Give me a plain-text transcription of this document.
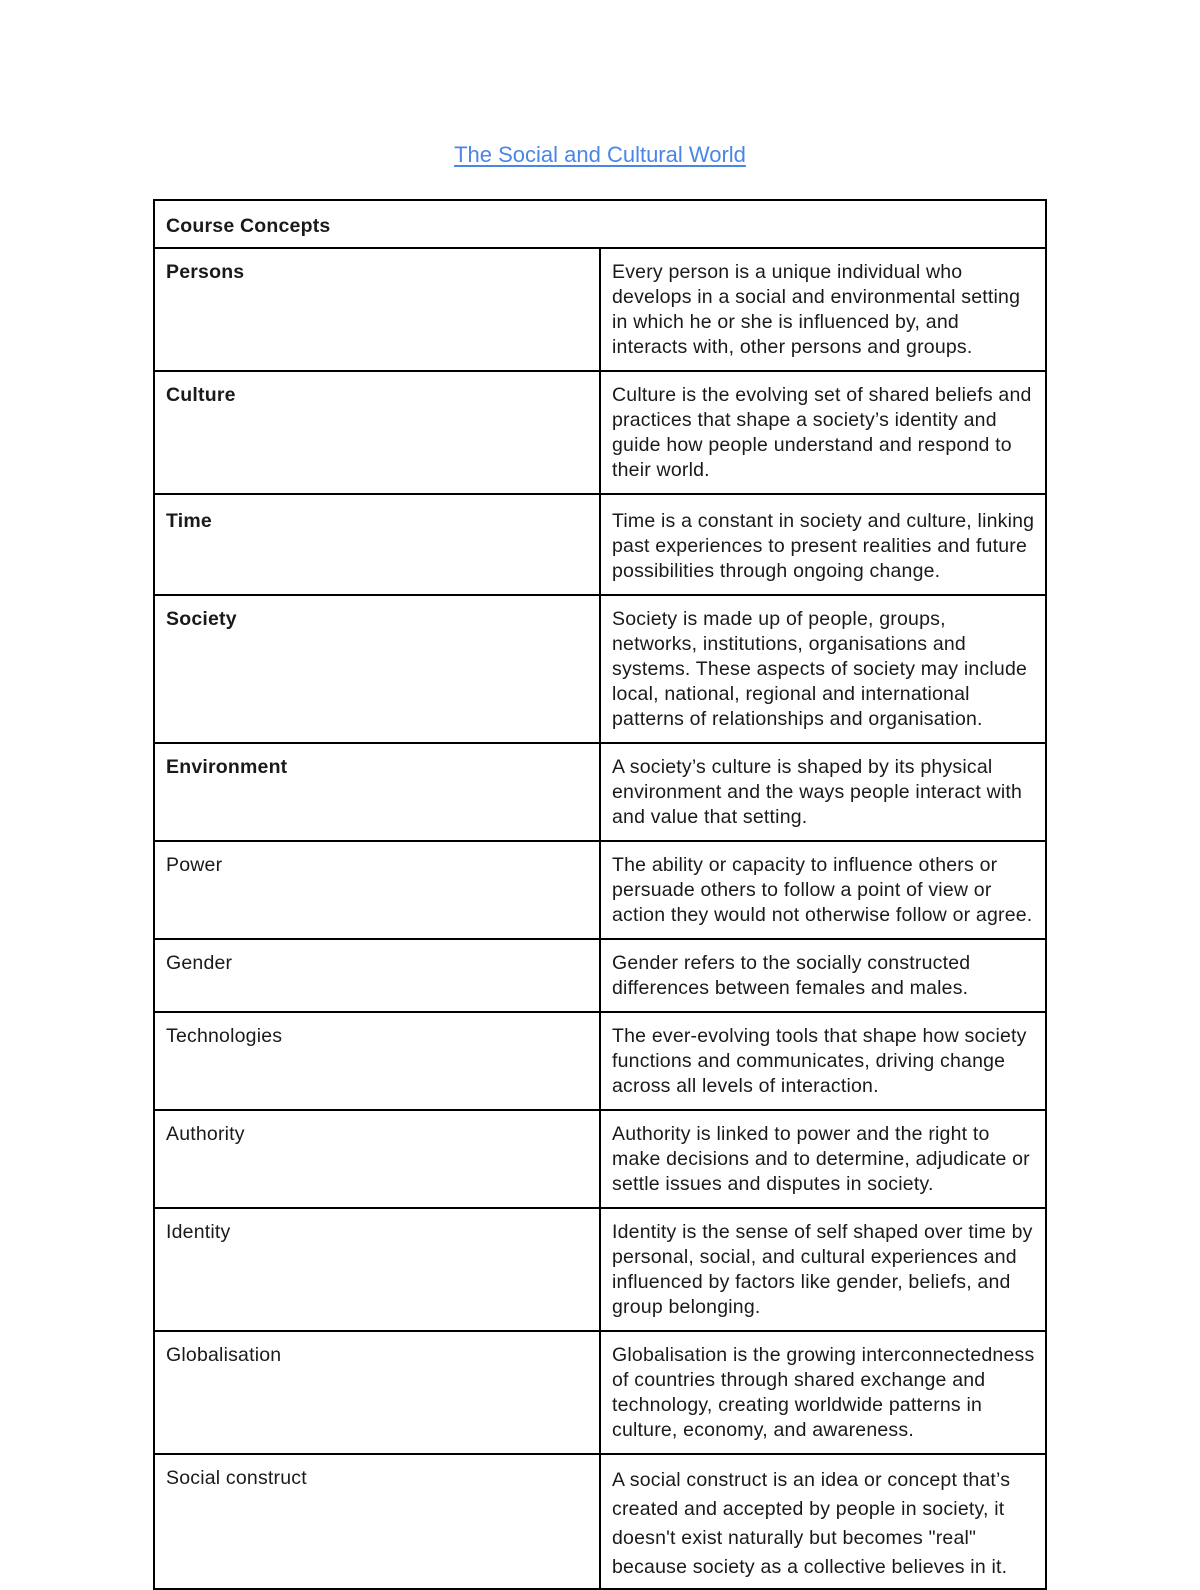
The Social and Cultural World
Course Concepts	
Persons	Every person is a unique individual who develops in a social and environmental setting in which he or she is influenced by, and interacts with, other persons and groups.
Culture	Culture is the evolving set of shared beliefs and practices that shape a society’s identity and guide how people understand and respond to their world.
Time	Time is a constant in society and culture, linking past experiences to present realities and future possibilities through ongoing change.
Society	Society is made up of people, groups, networks, institutions, organisations and systems. These aspects of society may include local, national, regional and international patterns of relationships and organisation.
Environment	A society’s culture is shaped by its physical environment and the ways people interact with and value that setting.
Power	The ability or capacity to influence others or persuade others to follow a point of view or action they would not otherwise follow or agree.
Gender	Gender refers to the socially constructed differences between females and males.
Technologies	The ever-evolving tools that shape how society functions and communicates, driving change across all levels of interaction.
Authority	Authority is linked to power and the right to make decisions and to determine, adjudicate or settle issues and disputes in society.
Identity	Identity is the sense of self shaped over time by personal, social, and cultural experiences and influenced by factors like gender, beliefs, and group belonging.
Globalisation	Globalisation is the growing interconnectedness of countries through shared exchange and technology, creating worldwide patterns in culture, economy, and awareness.
Social construct	A social construct is an idea or concept that’s created and accepted by people in society, it doesn't exist naturally but becomes "real" because society as a collective believes in it.
